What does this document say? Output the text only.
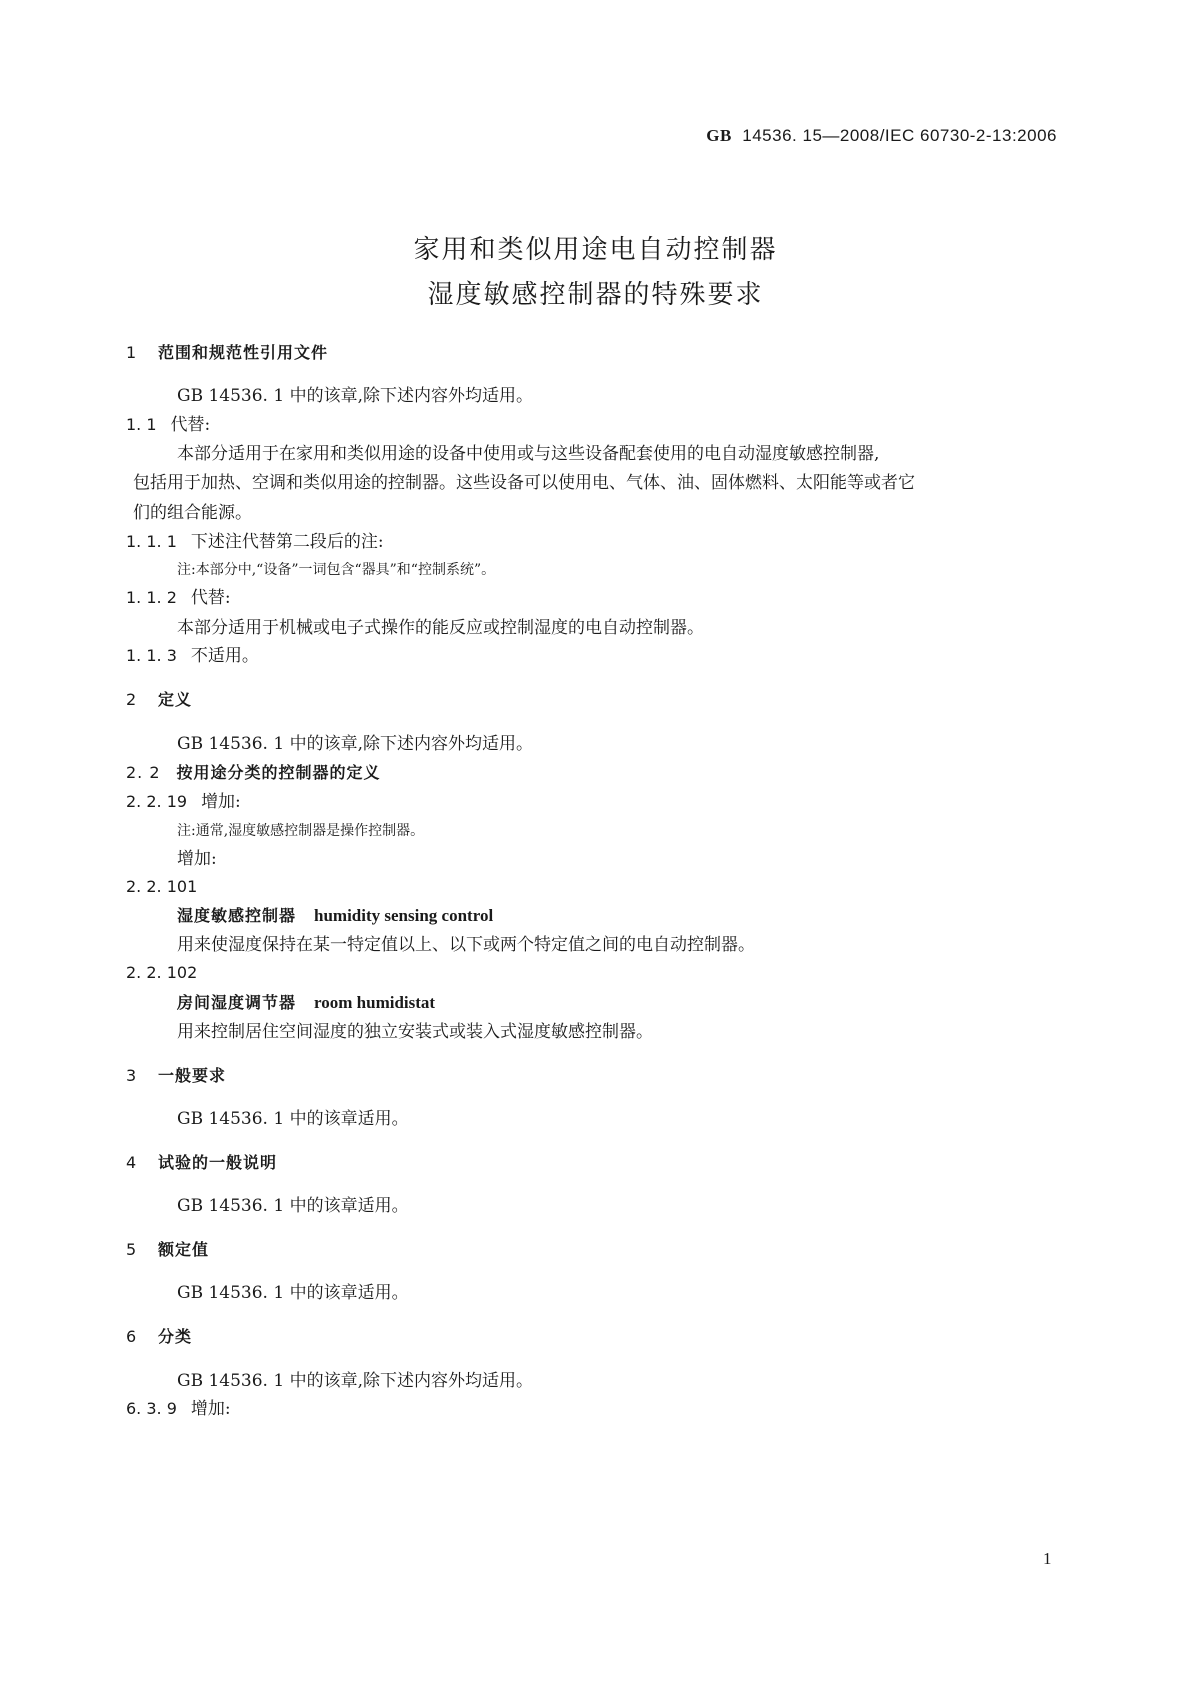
GB 14536. 15—2008/IEC 60730-2-13:2006
家用和类似用途电自动控制器
湿度敏感控制器的特殊要求
1 范围和规范性引用文件
GB 14536. 1 中的该章,除下述内容外均适用。
1. 1 代替:
本部分适用于在家用和类似用途的设备中使用或与这些设备配套使用的电自动湿度敏感控制器,
包括用于加热、空调和类似用途的控制器。这些设备可以使用电、气体、油、固体燃料、太阳能等或者它
们的组合能源。
1. 1. 1 下述注代替第二段后的注:
注:本部分中,“设备”一词包含“器具”和“控制系统”。
1. 1. 2 代替:
本部分适用于机械或电子式操作的能反应或控制湿度的电自动控制器。
1. 1. 3 不适用。
2 定义
GB 14536. 1 中的该章,除下述内容外均适用。
2. 2 按用途分类的控制器的定义
2. 2. 19 增加:
注:通常,湿度敏感控制器是操作控制器。
增加:
2. 2. 101
湿度敏感控制器 humidity sensing control
用来使湿度保持在某一特定值以上、以下或两个特定值之间的电自动控制器。
2. 2. 102
房间湿度调节器 room humidistat
用来控制居住空间湿度的独立安装式或装入式湿度敏感控制器。
3 一般要求
GB 14536. 1 中的该章适用。
4 试验的一般说明
GB 14536. 1 中的该章适用。
5 额定值
GB 14536. 1 中的该章适用。
6 分类
GB 14536. 1 中的该章,除下述内容外均适用。
6. 3. 9 增加:
1
